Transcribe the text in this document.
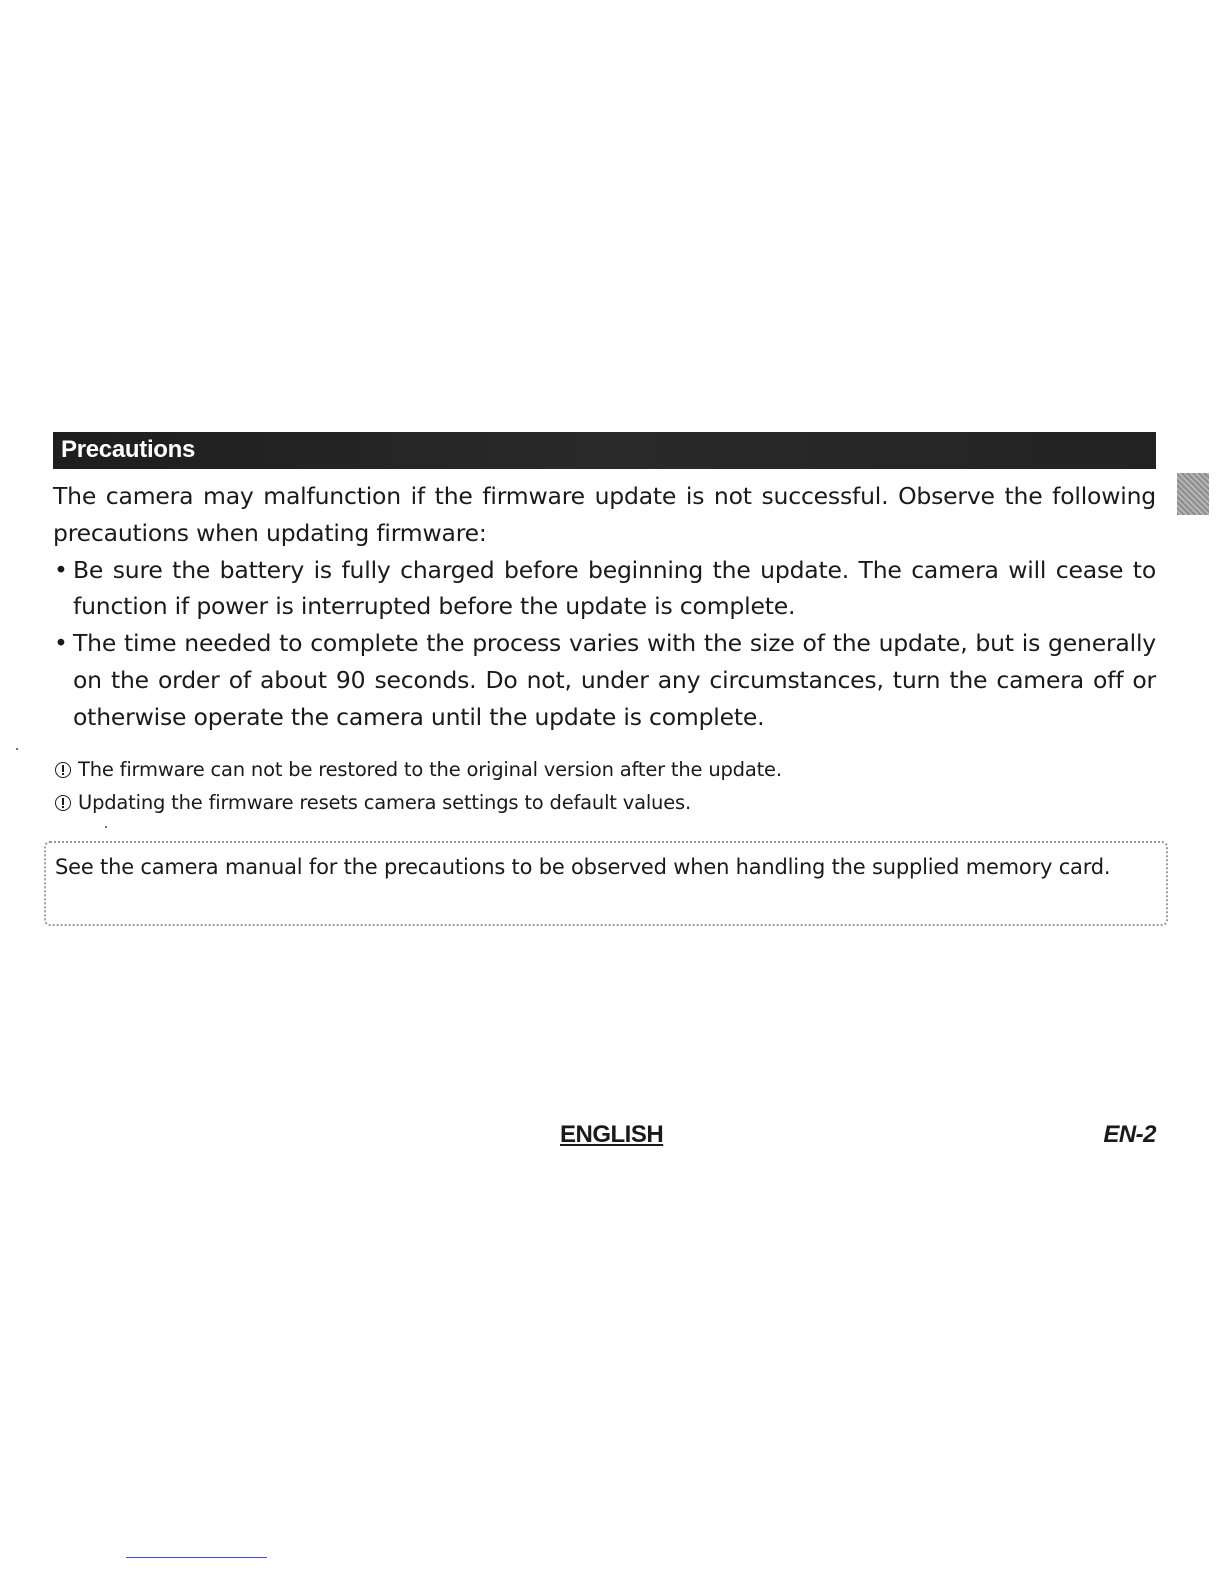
Precautions

The camera may malfunction if the firmware update is not successful. Observe the following precautions when updating firmware:

• Be sure the battery is fully charged before beginning the update. The camera will cease to function if power is interrupted before the update is complete.
• The time needed to complete the process varies with the size of the update, but is generally on the order of about 90 seconds. Do not, under any circumstances, turn the camera off or otherwise operate the camera until the update is complete.
The firmware can not be restored to the original version after the update.
Updating the firmware resets camera settings to default values.

See the camera manual for the precautions to be observed when handling the supplied memory card.

ENGLISH	EN-2
